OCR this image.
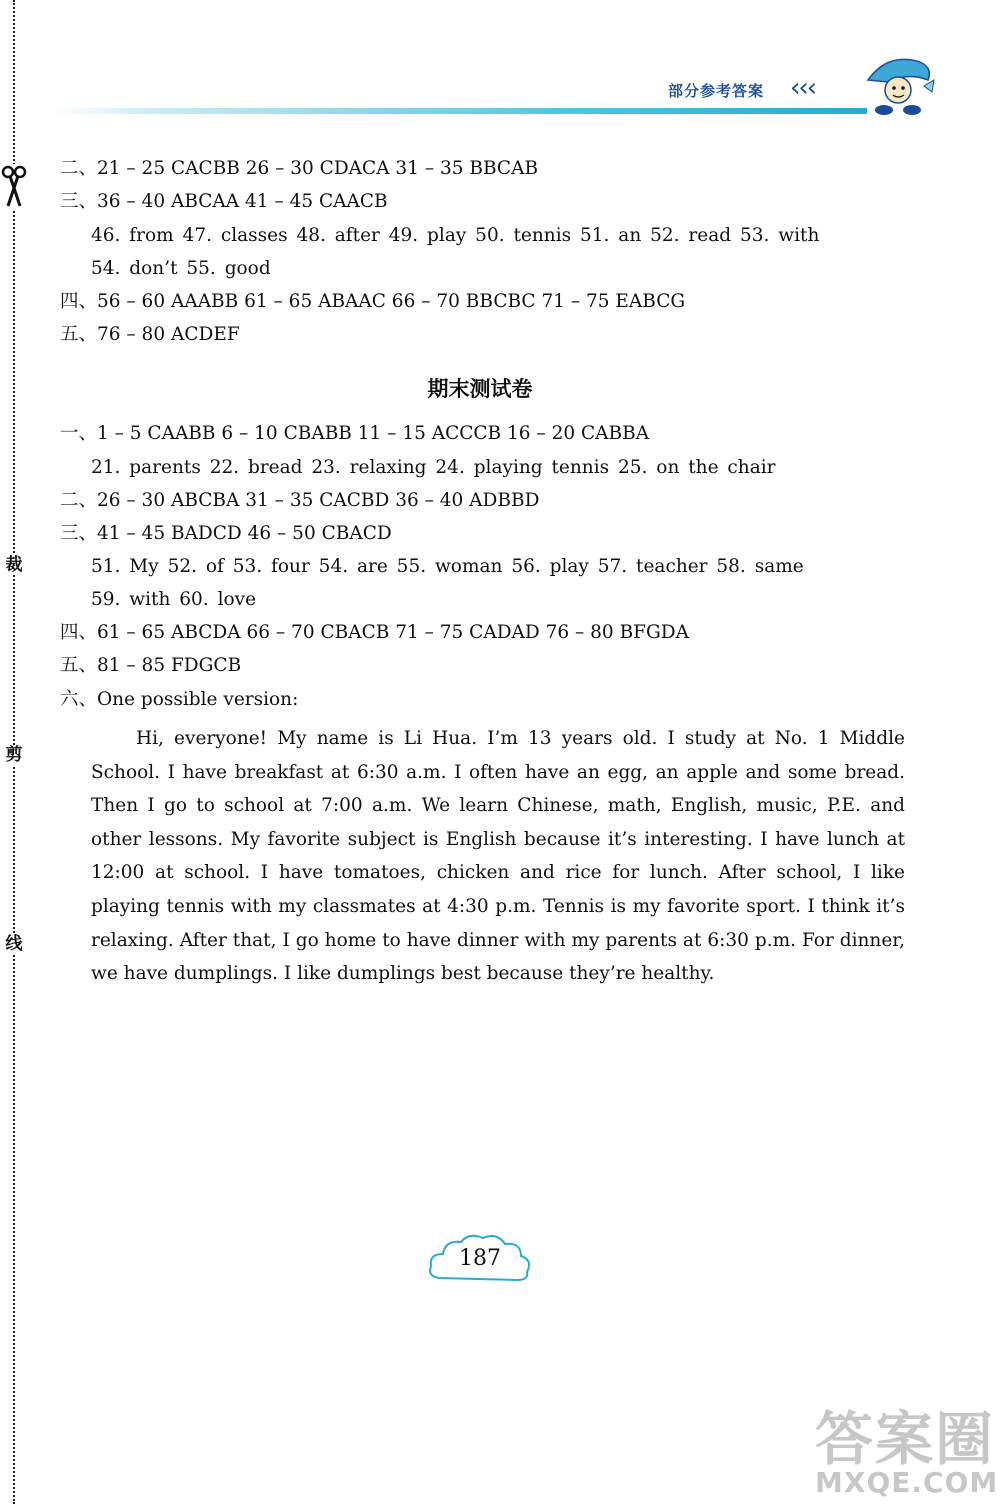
裁
剪
线
部分参考答案 ‹‹‹
二、21 – 25 CACBB 26 – 30 CDACA 31 – 35 BBCAB
三、36 – 40 ABCAA 41 – 45 CAACB
46. from 47. classes 48. after 49. play 50. tennis 51. an 52. read 53. with
54. don’t 55. good
四、56 – 60 AAABB 61 – 65 ABAAC 66 – 70 BBCBC 71 – 75 EABCG
五、76 – 80 ACDEF
期末测试卷
一、1 – 5 CAABB 6 – 10 CBABB 11 – 15 ACCCB 16 – 20 CABBA
21. parents 22. bread 23. relaxing 24. playing tennis 25. on the chair
二、26 – 30 ABCBA 31 – 35 CACBD 36 – 40 ADBBD
三、41 – 45 BADCD 46 – 50 CBACD
51. My 52. of 53. four 54. are 55. woman 56. play 57. teacher 58. same
59. with 60. love
四、61 – 65 ABCDA 66 – 70 CBACB 71 – 75 CADAD 76 – 80 BFGDA
五、81 – 85 FDGCB
六、One possible version:

Hi, everyone! My name is Li Hua. I’m 13 years old. I study at No. 1 Middle School. I have breakfast at 6:30 a.m. I often have an egg, an apple and some bread. Then I go to school at 7:00 a.m. We learn Chinese, math, English, music, P.E. and other lessons. My favorite subject is English because it’s interesting. I have lunch at 12:00 at school. I have tomatoes, chicken and rice for lunch. After school, I like playing tennis with my classmates at 4:30 p.m. Tennis is my favorite sport. I think it’s relaxing. After that, I go home to have dinner with my parents at 6:30 p.m. For dinner, we have dumplings. I like dumplings best because they’re healthy.

187
答案圈
MXQE.COM
